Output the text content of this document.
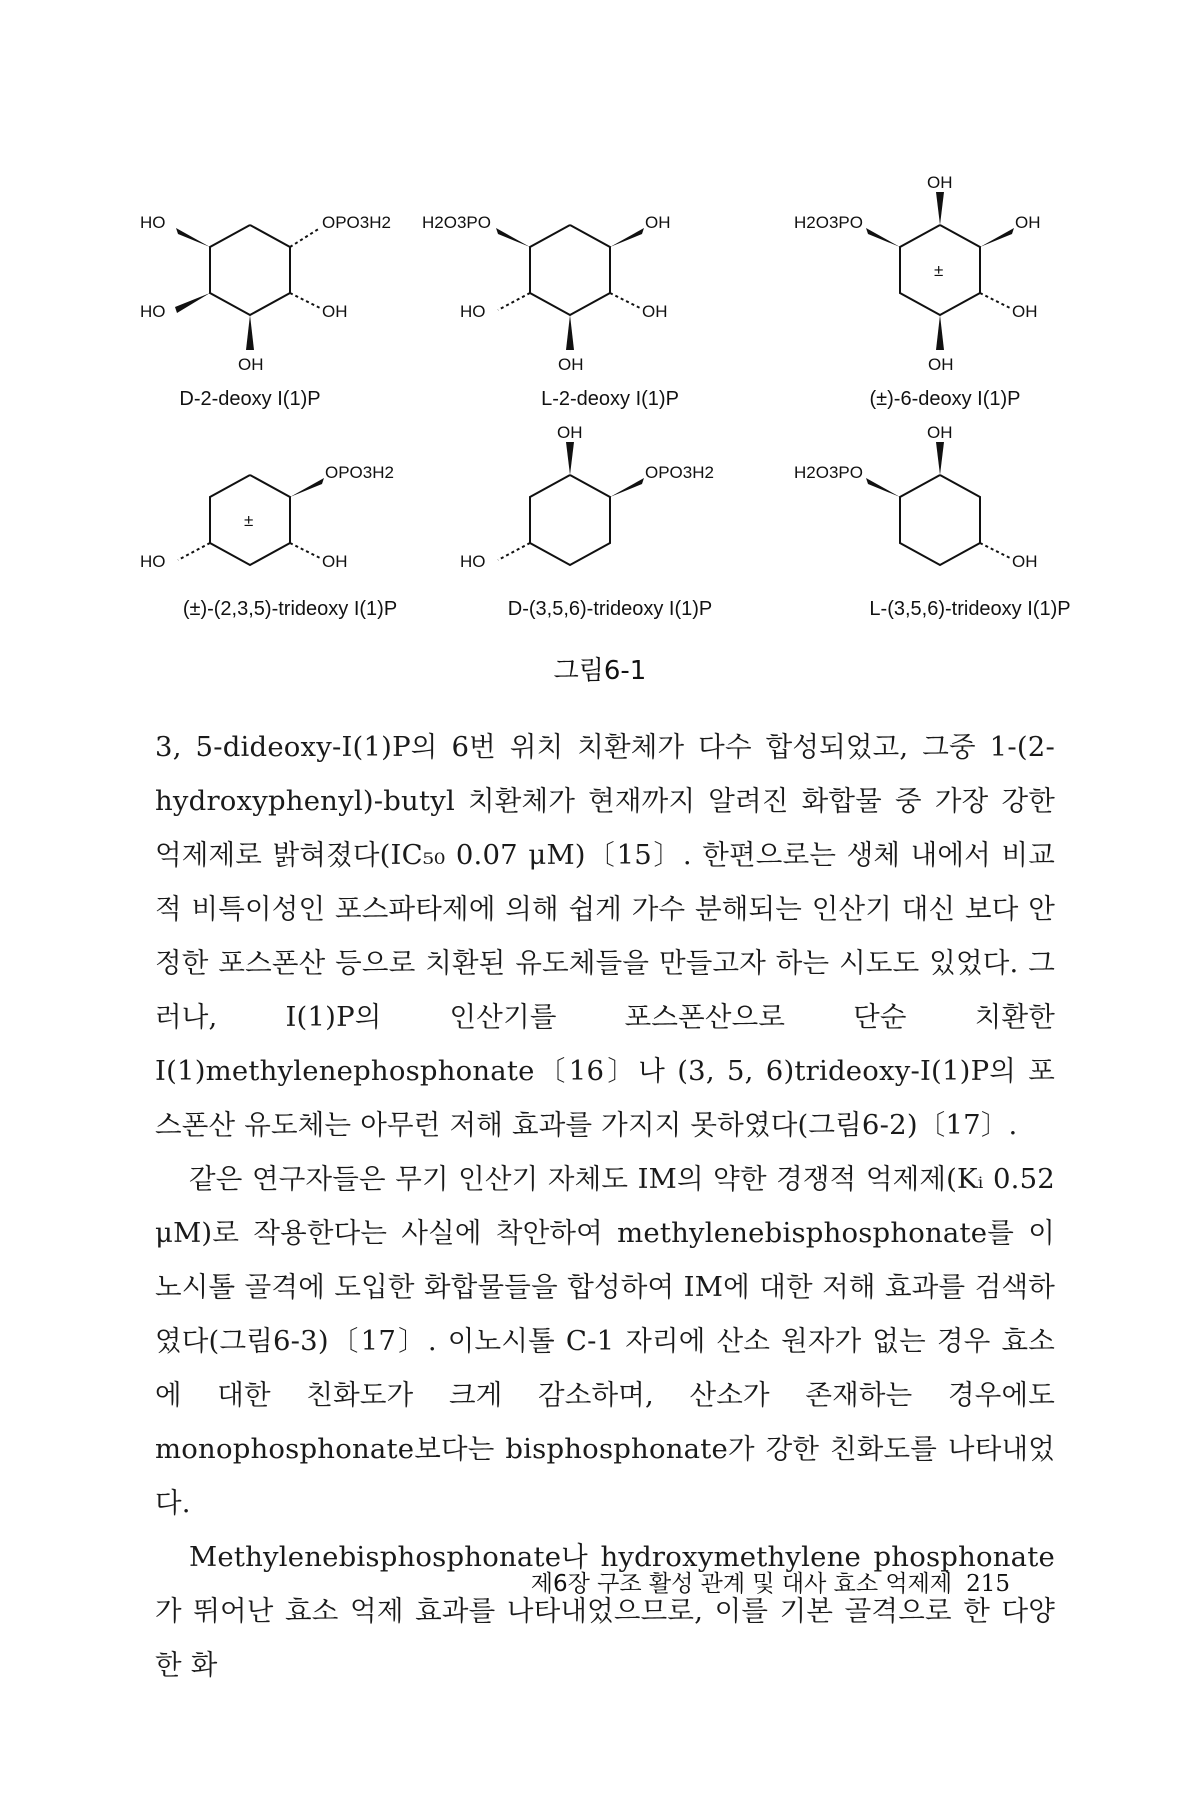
HO	OPO3H2
HO	OH
OH
D-2-deoxy I(1)P
H2O3PO	OH
HO	OH
OH
L-2-deoxy I(1)P
OH
H2O3PO	OH
±
OH
OH
(±)-6-deoxy I(1)P
OPO3H2
±
HO	OH
(±)-(2,3,5)-trideoxy I(1)P
OH
OPO3H2
HO
D-(3,5,6)-trideoxy I(1)P
OH
H2O3PO
OH
L-(3,5,6)-trideoxy I(1)P
그림6-1

3, 5-dideoxy-I(1)P의 6번 위치 치환체가 다수 합성되었고, 그중 1-(2-hydroxyphenyl)-butyl 치환체가 현재까지 알려진 화합물 중 가장 강한 억제제로 밝혀졌다(IC₅₀ 0.07 μM)〔15〕. 한편으로는 생체 내에서 비교적 비특이성인 포스파타제에 의해 쉽게 가수 분해되는 인산기 대신 보다 안정한 포스폰산 등으로 치환된 유도체들을 만들고자 하는 시도도 있었다. 그러나, I(1)P의 인산기를 포스폰산으로 단순 치환한 I(1)methylenephosphonate〔16〕나 (3, 5, 6)trideoxy-I(1)P의 포스폰산 유도체는 아무런 저해 효과를 가지지 못하였다(그림6-2)〔17〕.

같은 연구자들은 무기 인산기 자체도 IM의 약한 경쟁적 억제제(Kᵢ 0.52 μM)로 작용한다는 사실에 착안하여 methylenebisphosphonate를 이노시톨 골격에 도입한 화합물들을 합성하여 IM에 대한 저해 효과를 검색하였다(그림6-3)〔17〕. 이노시톨 C-1 자리에 산소 원자가 없는 경우 효소에 대한 친화도가 크게 감소하며, 산소가 존재하는 경우에도 monophosphonate보다는 bisphosphonate가 강한 친화도를 나타내었다.

Methylenebisphosphonate나 hydroxymethylene phosphonate가 뛰어난 효소 억제 효과를 나타내었으므로, 이를 기본 골격으로 한 다양한 화

제6장 구조 활성 관계 및 대사 효소 억제제 215
